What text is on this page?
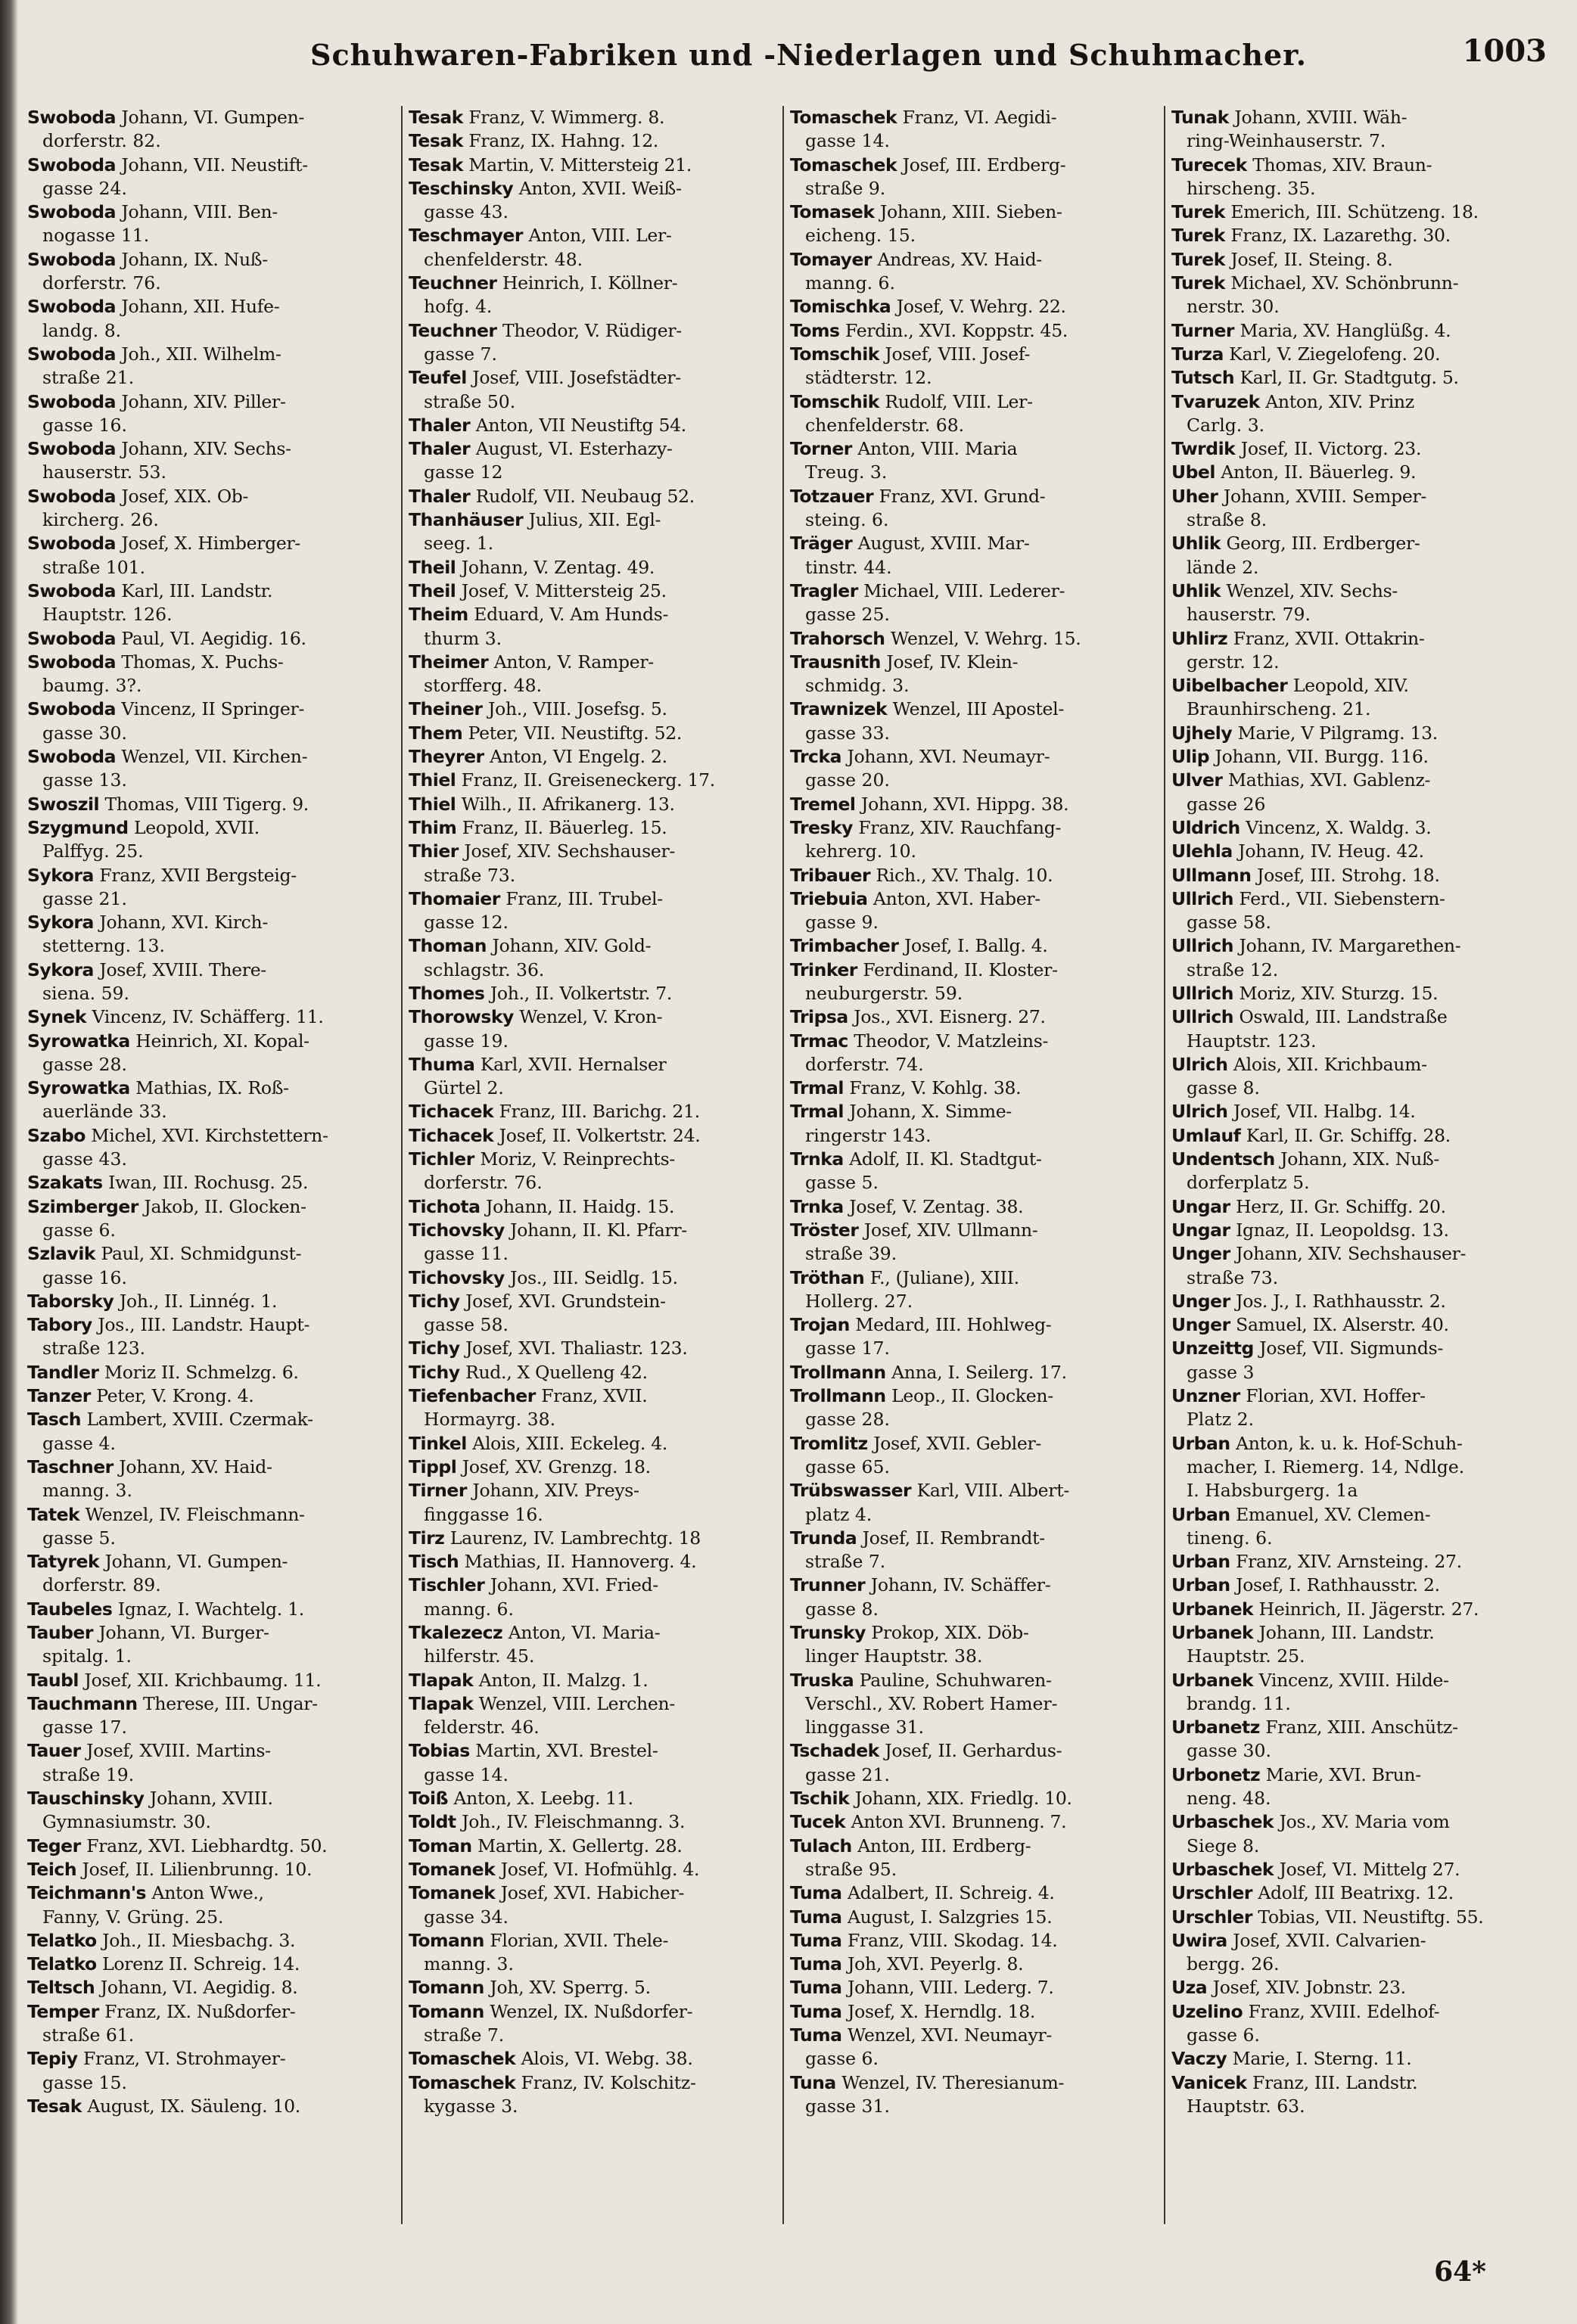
Schuhwaren-Fabriken und -Niederlagen und Schuhmacher.	1003
Swoboda Johann, VI. Gumpen-
dorferstr. 82.
Swoboda Johann, VII. Neustift-
gasse 24.
Swoboda Johann, VIII. Ben-
nogasse 11.
Swoboda Johann, IX. Nuß-
dorferstr. 76.
Swoboda Johann, XII. Hufe-
landg. 8.
Swoboda Joh., XII. Wilhelm-
straße 21.
Swoboda Johann, XIV. Piller-
gasse 16.
Swoboda Johann, XIV. Sechs-
hauserstr. 53.
Swoboda Josef, XIX. Ob-
kircherg. 26.
Swoboda Josef, X. Himberger-
straße 101.
Swoboda Karl, III. Landstr.
Hauptstr. 126.
Swoboda Paul, VI. Aegidig. 16.
Swoboda Thomas, X. Puchs-
baumg. 3?.
Swoboda Vincenz, II Springer-
gasse 30.
Swoboda Wenzel, VII. Kirchen-
gasse 13.
Swoszil Thomas, VIII Tigerg. 9.
Szygmund Leopold, XVII.
Palffyg. 25.
Sykora Franz, XVII Bergsteig-
gasse 21.
Sykora Johann, XVI. Kirch-
stetterng. 13.
Sykora Josef, XVIII. There-
siena. 59.
Synek Vincenz, IV. Schäfferg. 11.
Syrowatka Heinrich, XI. Kopal-
gasse 28.
Syrowatka Mathias, IX. Roß-
auerlände 33.
Szabo Michel, XVI. Kirchstettern-
gasse 43.
Szakats Iwan, III. Rochusg. 25.
Szimberger Jakob, II. Glocken-
gasse 6.
Szlavik Paul, XI. Schmidgunst-
gasse 16.
Taborsky Joh., II. Linnég. 1.
Tabory Jos., III. Landstr. Haupt-
straße 123.
Tandler Moriz II. Schmelzg. 6.
Tanzer Peter, V. Krong. 4.
Tasch Lambert, XVIII. Czermak-
gasse 4.
Taschner Johann, XV. Haid-
manng. 3.
Tatek Wenzel, IV. Fleischmann-
gasse 5.
Tatyrek Johann, VI. Gumpen-
dorferstr. 89.
Taubeles Ignaz, I. Wachtelg. 1.
Tauber Johann, VI. Burger-
spitalg. 1.
Taubl Josef, XII. Krichbaumg. 11.
Tauchmann Therese, III. Ungar-
gasse 17.
Tauer Josef, XVIII. Martins-
straße 19.
Tauschinsky Johann, XVIII.
Gymnasiumstr. 30.
Teger Franz, XVI. Liebhardtg. 50.
Teich Josef, II. Lilienbrunng. 10.
Teichmann's Anton Wwe.,
Fanny, V. Grüng. 25.
Telatko Joh., II. Miesbachg. 3.
Telatko Lorenz II. Schreig. 14.
Teltsch Johann, VI. Aegidig. 8.
Temper Franz, IX. Nußdorfer-
straße 61.
Tepiy Franz, VI. Strohmayer-
gasse 15.
Tesak August, IX. Säuleng. 10.
Tesak Franz, V. Wimmerg. 8.
Tesak Franz, IX. Hahng. 12.
Tesak Martin, V. Mittersteig 21.
Teschinsky Anton, XVII. Weiß-
gasse 43.
Teschmayer Anton, VIII. Ler-
chenfelderstr. 48.
Teuchner Heinrich, I. Köllner-
hofg. 4.
Teuchner Theodor, V. Rüdiger-
gasse 7.
Teufel Josef, VIII. Josefstädter-
straße 50.
Thaler Anton, VII Neustiftg 54.
Thaler August, VI. Esterhazy-
gasse 12
Thaler Rudolf, VII. Neubaug 52.
Thanhäuser Julius, XII. Egl-
seeg. 1.
Theil Johann, V. Zentag. 49.
Theil Josef, V. Mittersteig 25.
Theim Eduard, V. Am Hunds-
thurm 3.
Theimer Anton, V. Ramper-
storfferg. 48.
Theiner Joh., VIII. Josefsg. 5.
Them Peter, VII. Neustiftg. 52.
Theyrer Anton, VI Engelg. 2.
Thiel Franz, II. Greiseneckerg. 17.
Thiel Wilh., II. Afrikanerg. 13.
Thim Franz, II. Bäuerleg. 15.
Thier Josef, XIV. Sechshauser-
straße 73.
Thomaier Franz, III. Trubel-
gasse 12.
Thoman Johann, XIV. Gold-
schlagstr. 36.
Thomes Joh., II. Volkertstr. 7.
Thorowsky Wenzel, V. Kron-
gasse 19.
Thuma Karl, XVII. Hernalser
Gürtel 2.
Tichacek Franz, III. Barichg. 21.
Tichacek Josef, II. Volkertstr. 24.
Tichler Moriz, V. Reinprechts-
dorferstr. 76.
Tichota Johann, II. Haidg. 15.
Tichovsky Johann, II. Kl. Pfarr-
gasse 11.
Tichovsky Jos., III. Seidlg. 15.
Tichy Josef, XVI. Grundstein-
gasse 58.
Tichy Josef, XVI. Thaliastr. 123.
Tichy Rud., X Quelleng 42.
Tiefenbacher Franz, XVII.
Hormayrg. 38.
Tinkel Alois, XIII. Eckeleg. 4.
Tippl Josef, XV. Grenzg. 18.
Tirner Johann, XIV. Preys-
finggasse 16.
Tirz Laurenz, IV. Lambrechtg. 18
Tisch Mathias, II. Hannoverg. 4.
Tischler Johann, XVI. Fried-
manng. 6.
Tkalezecz Anton, VI. Maria-
hilferstr. 45.
Tlapak Anton, II. Malzg. 1.
Tlapak Wenzel, VIII. Lerchen-
felderstr. 46.
Tobias Martin, XVI. Brestel-
gasse 14.
Toiß Anton, X. Leebg. 11.
Toldt Joh., IV. Fleischmanng. 3.
Toman Martin, X. Gellertg. 28.
Tomanek Josef, VI. Hofmühlg. 4.
Tomanek Josef, XVI. Habicher-
gasse 34.
Tomann Florian, XVII. Thele-
manng. 3.
Tomann Joh, XV. Sperrg. 5.
Tomann Wenzel, IX. Nußdorfer-
straße 7.
Tomaschek Alois, VI. Webg. 38.
Tomaschek Franz, IV. Kolschitz-
kygasse 3.
Tomaschek Franz, VI. Aegidi-
gasse 14.
Tomaschek Josef, III. Erdberg-
straße 9.
Tomasek Johann, XIII. Sieben-
eicheng. 15.
Tomayer Andreas, XV. Haid-
manng. 6.
Tomischka Josef, V. Wehrg. 22.
Toms Ferdin., XVI. Koppstr. 45.
Tomschik Josef, VIII. Josef-
städterstr. 12.
Tomschik Rudolf, VIII. Ler-
chenfelderstr. 68.
Torner Anton, VIII. Maria
Treug. 3.
Totzauer Franz, XVI. Grund-
steing. 6.
Träger August, XVIII. Mar-
tinstr. 44.
Tragler Michael, VIII. Lederer-
gasse 25.
Trahorsch Wenzel, V. Wehrg. 15.
Trausnith Josef, IV. Klein-
schmidg. 3.
Trawnizek Wenzel, III Apostel-
gasse 33.
Trcka Johann, XVI. Neumayr-
gasse 20.
Tremel Johann, XVI. Hippg. 38.
Tresky Franz, XIV. Rauchfang-
kehrerg. 10.
Tribauer Rich., XV. Thalg. 10.
Triebuia Anton, XVI. Haber-
gasse 9.
Trimbacher Josef, I. Ballg. 4.
Trinker Ferdinand, II. Kloster-
neuburgerstr. 59.
Tripsa Jos., XVI. Eisnerg. 27.
Trmac Theodor, V. Matzleins-
dorferstr. 74.
Trmal Franz, V. Kohlg. 38.
Trmal Johann, X. Simme-
ringerstr 143.
Trnka Adolf, II. Kl. Stadtgut-
gasse 5.
Trnka Josef, V. Zentag. 38.
Tröster Josef, XIV. Ullmann-
straße 39.
Tröthan F., (Juliane), XIII.
Hollerg. 27.
Trojan Medard, III. Hohlweg-
gasse 17.
Trollmann Anna, I. Seilerg. 17.
Trollmann Leop., II. Glocken-
gasse 28.
Tromlitz Josef, XVII. Gebler-
gasse 65.
Trübswasser Karl, VIII. Albert-
platz 4.
Trunda Josef, II. Rembrandt-
straße 7.
Trunner Johann, IV. Schäffer-
gasse 8.
Trunsky Prokop, XIX. Döb-
linger Hauptstr. 38.
Truska Pauline, Schuhwaren-
Verschl., XV. Robert Hamer-
linggasse 31.
Tschadek Josef, II. Gerhardus-
gasse 21.
Tschik Johann, XIX. Friedlg. 10.
Tucek Anton XVI. Brunneng. 7.
Tulach Anton, III. Erdberg-
straße 95.
Tuma Adalbert, II. Schreig. 4.
Tuma August, I. Salzgries 15.
Tuma Franz, VIII. Skodag. 14.
Tuma Joh, XVI. Peyerlg. 8.
Tuma Johann, VIII. Lederg. 7.
Tuma Josef, X. Herndlg. 18.
Tuma Wenzel, XVI. Neumayr-
gasse 6.
Tuna Wenzel, IV. Theresianum-
gasse 31.
Tunak Johann, XVIII. Wäh-
ring-Weinhauserstr. 7.
Turecek Thomas, XIV. Braun-
hirscheng. 35.
Turek Emerich, III. Schützeng. 18.
Turek Franz, IX. Lazarethg. 30.
Turek Josef, II. Steing. 8.
Turek Michael, XV. Schönbrunn-
nerstr. 30.
Turner Maria, XV. Hanglüßg. 4.
Turza Karl, V. Ziegelofeng. 20.
Tutsch Karl, II. Gr. Stadtgutg. 5.
Tvaruzek Anton, XIV. Prinz
Carlg. 3.
Twrdik Josef, II. Victorg. 23.
Ubel Anton, II. Bäuerleg. 9.
Uher Johann, XVIII. Semper-
straße 8.
Uhlik Georg, III. Erdberger-
lände 2.
Uhlik Wenzel, XIV. Sechs-
hauserstr. 79.
Uhlirz Franz, XVII. Ottakrin-
gerstr. 12.
Uibelbacher Leopold, XIV.
Braunhirscheng. 21.
Ujhely Marie, V Pilgramg. 13.
Ulip Johann, VII. Burgg. 116.
Ulver Mathias, XVI. Gablenz-
gasse 26
Uldrich Vincenz, X. Waldg. 3.
Ulehla Johann, IV. Heug. 42.
Ullmann Josef, III. Strohg. 18.
Ullrich Ferd., VII. Siebenstern-
gasse 58.
Ullrich Johann, IV. Margarethen-
straße 12.
Ullrich Moriz, XIV. Sturzg. 15.
Ullrich Oswald, III. Landstraße
Hauptstr. 123.
Ulrich Alois, XII. Krichbaum-
gasse 8.
Ulrich Josef, VII. Halbg. 14.
Umlauf Karl, II. Gr. Schiffg. 28.
Undentsch Johann, XIX. Nuß-
dorferplatz 5.
Ungar Herz, II. Gr. Schiffg. 20.
Ungar Ignaz, II. Leopoldsg. 13.
Unger Johann, XIV. Sechshauser-
straße 73.
Unger Jos. J., I. Rathhausstr. 2.
Unger Samuel, IX. Alserstr. 40.
Unzeittg Josef, VII. Sigmunds-
gasse 3
Unzner Florian, XVI. Hoffer-
Platz 2.
Urban Anton, k. u. k. Hof-Schuh-
macher, I. Riemerg. 14, Ndlge.
I. Habsburgerg. 1a
Urban Emanuel, XV. Clemen-
tineng. 6.
Urban Franz, XIV. Arnsteing. 27.
Urban Josef, I. Rathhausstr. 2.
Urbanek Heinrich, II. Jägerstr. 27.
Urbanek Johann, III. Landstr.
Hauptstr. 25.
Urbanek Vincenz, XVIII. Hilde-
brandg. 11.
Urbanetz Franz, XIII. Anschütz-
gasse 30.
Urbonetz Marie, XVI. Brun-
neng. 48.
Urbaschek Jos., XV. Maria vom
Siege 8.
Urbaschek Josef, VI. Mittelg 27.
Urschler Adolf, III Beatrixg. 12.
Urschler Tobias, VII. Neustiftg. 55.
Uwira Josef, XVII. Calvarien-
bergg. 26.
Uza Josef, XIV. Jobnstr. 23.
Uzelino Franz, XVIII. Edelhof-
gasse 6.
Vaczy Marie, I. Sterng. 11.
Vanicek Franz, III. Landstr.
Hauptstr. 63.
64*
